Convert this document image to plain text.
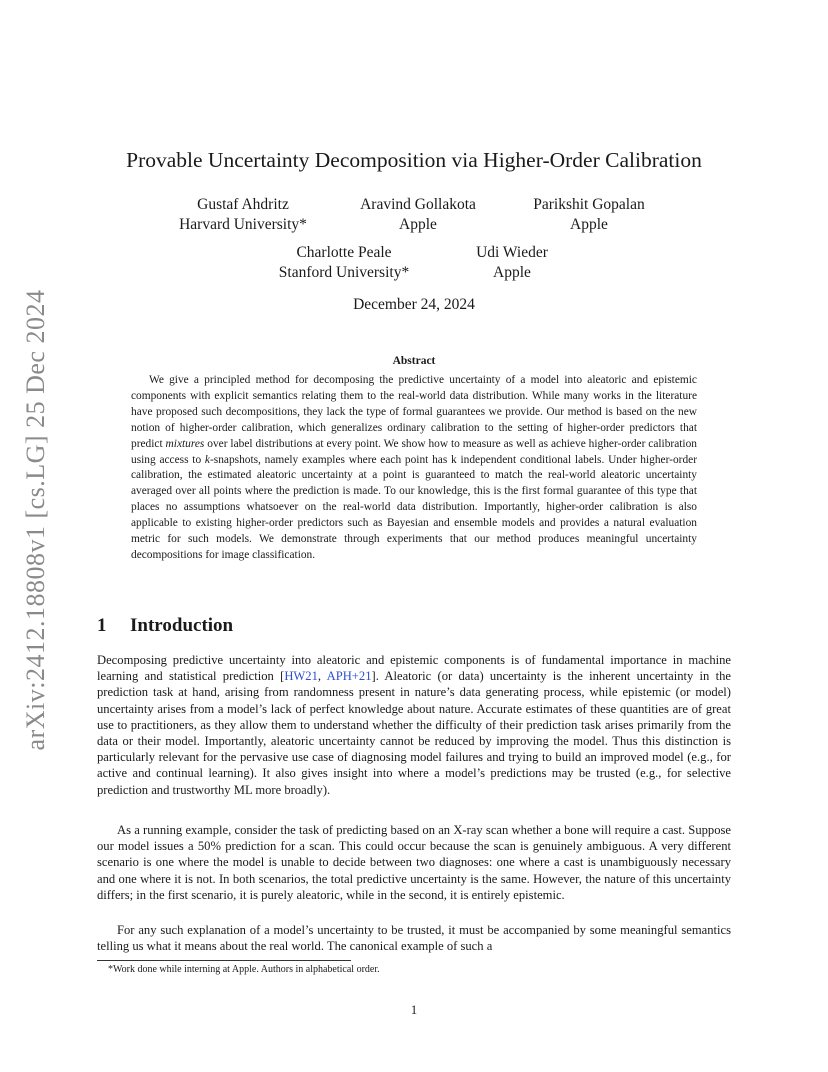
arXiv:2412.18808v1 [cs.LG] 25 Dec 2024
Provable Uncertainty Decomposition via Higher-Order Calibration
Gustaf Ahdritz
Harvard University*
Aravind Gollakota
Apple
Parikshit Gopalan
Apple
Charlotte Peale
Stanford University*
Udi Wieder
Apple
December 24, 2024
Abstract

We give a principled method for decomposing the predictive uncertainty of a model into aleatoric and epistemic components with explicit semantics relating them to the real-world data distribution. While many works in the literature have proposed such decompositions, they lack the type of formal guarantees we provide. Our method is based on the new notion of higher-order calibration, which generalizes ordinary calibration to the setting of higher-order predictors that predict mixtures over label distributions at every point. We show how to measure as well as achieve higher-order calibration using access to k-snapshots, namely examples where each point has k independent conditional labels. Under higher-order calibration, the estimated aleatoric uncertainty at a point is guaranteed to match the real-world aleatoric uncertainty averaged over all points where the prediction is made. To our knowledge, this is the first formal guarantee of this type that places no assumptions whatsoever on the real-world data distribution. Importantly, higher-order calibration is also applicable to existing higher-order predictors such as Bayesian and ensemble models and provides a natural evaluation metric for such models. We demonstrate through experiments that our method produces meaningful uncertainty decompositions for image classification.

1 Introduction

Decomposing predictive uncertainty into aleatoric and epistemic components is of fundamental importance in machine learning and statistical prediction [HW21, APH+21]. Aleatoric (or data) uncertainty is the inherent uncertainty in the prediction task at hand, arising from randomness present in nature’s data generating process, while epistemic (or model) uncertainty arises from a model’s lack of perfect knowledge about nature. Accurate estimates of these quantities are of great use to practitioners, as they allow them to understand whether the difficulty of their prediction task arises primarily from the data or their model. Importantly, aleatoric uncertainty cannot be reduced by improving the model. Thus this distinction is particularly relevant for the pervasive use case of diagnosing model failures and trying to build an improved model (e.g., for active and continual learning). It also gives insight into where a model’s predictions may be trusted (e.g., for selective prediction and trustworthy ML more broadly).

As a running example, consider the task of predicting based on an X-ray scan whether a bone will require a cast. Suppose our model issues a 50% prediction for a scan. This could occur because the scan is genuinely ambiguous. A very different scenario is one where the model is unable to decide between two diagnoses: one where a cast is unambiguously necessary and one where it is not. In both scenarios, the total predictive uncertainty is the same. However, the nature of this uncertainty differs; in the first scenario, it is purely aleatoric, while in the second, it is entirely epistemic.

For any such explanation of a model’s uncertainty to be trusted, it must be accompanied by some meaningful semantics telling us what it means about the real world. The canonical example of such a

*Work done while interning at Apple. Authors in alphabetical order.
1
